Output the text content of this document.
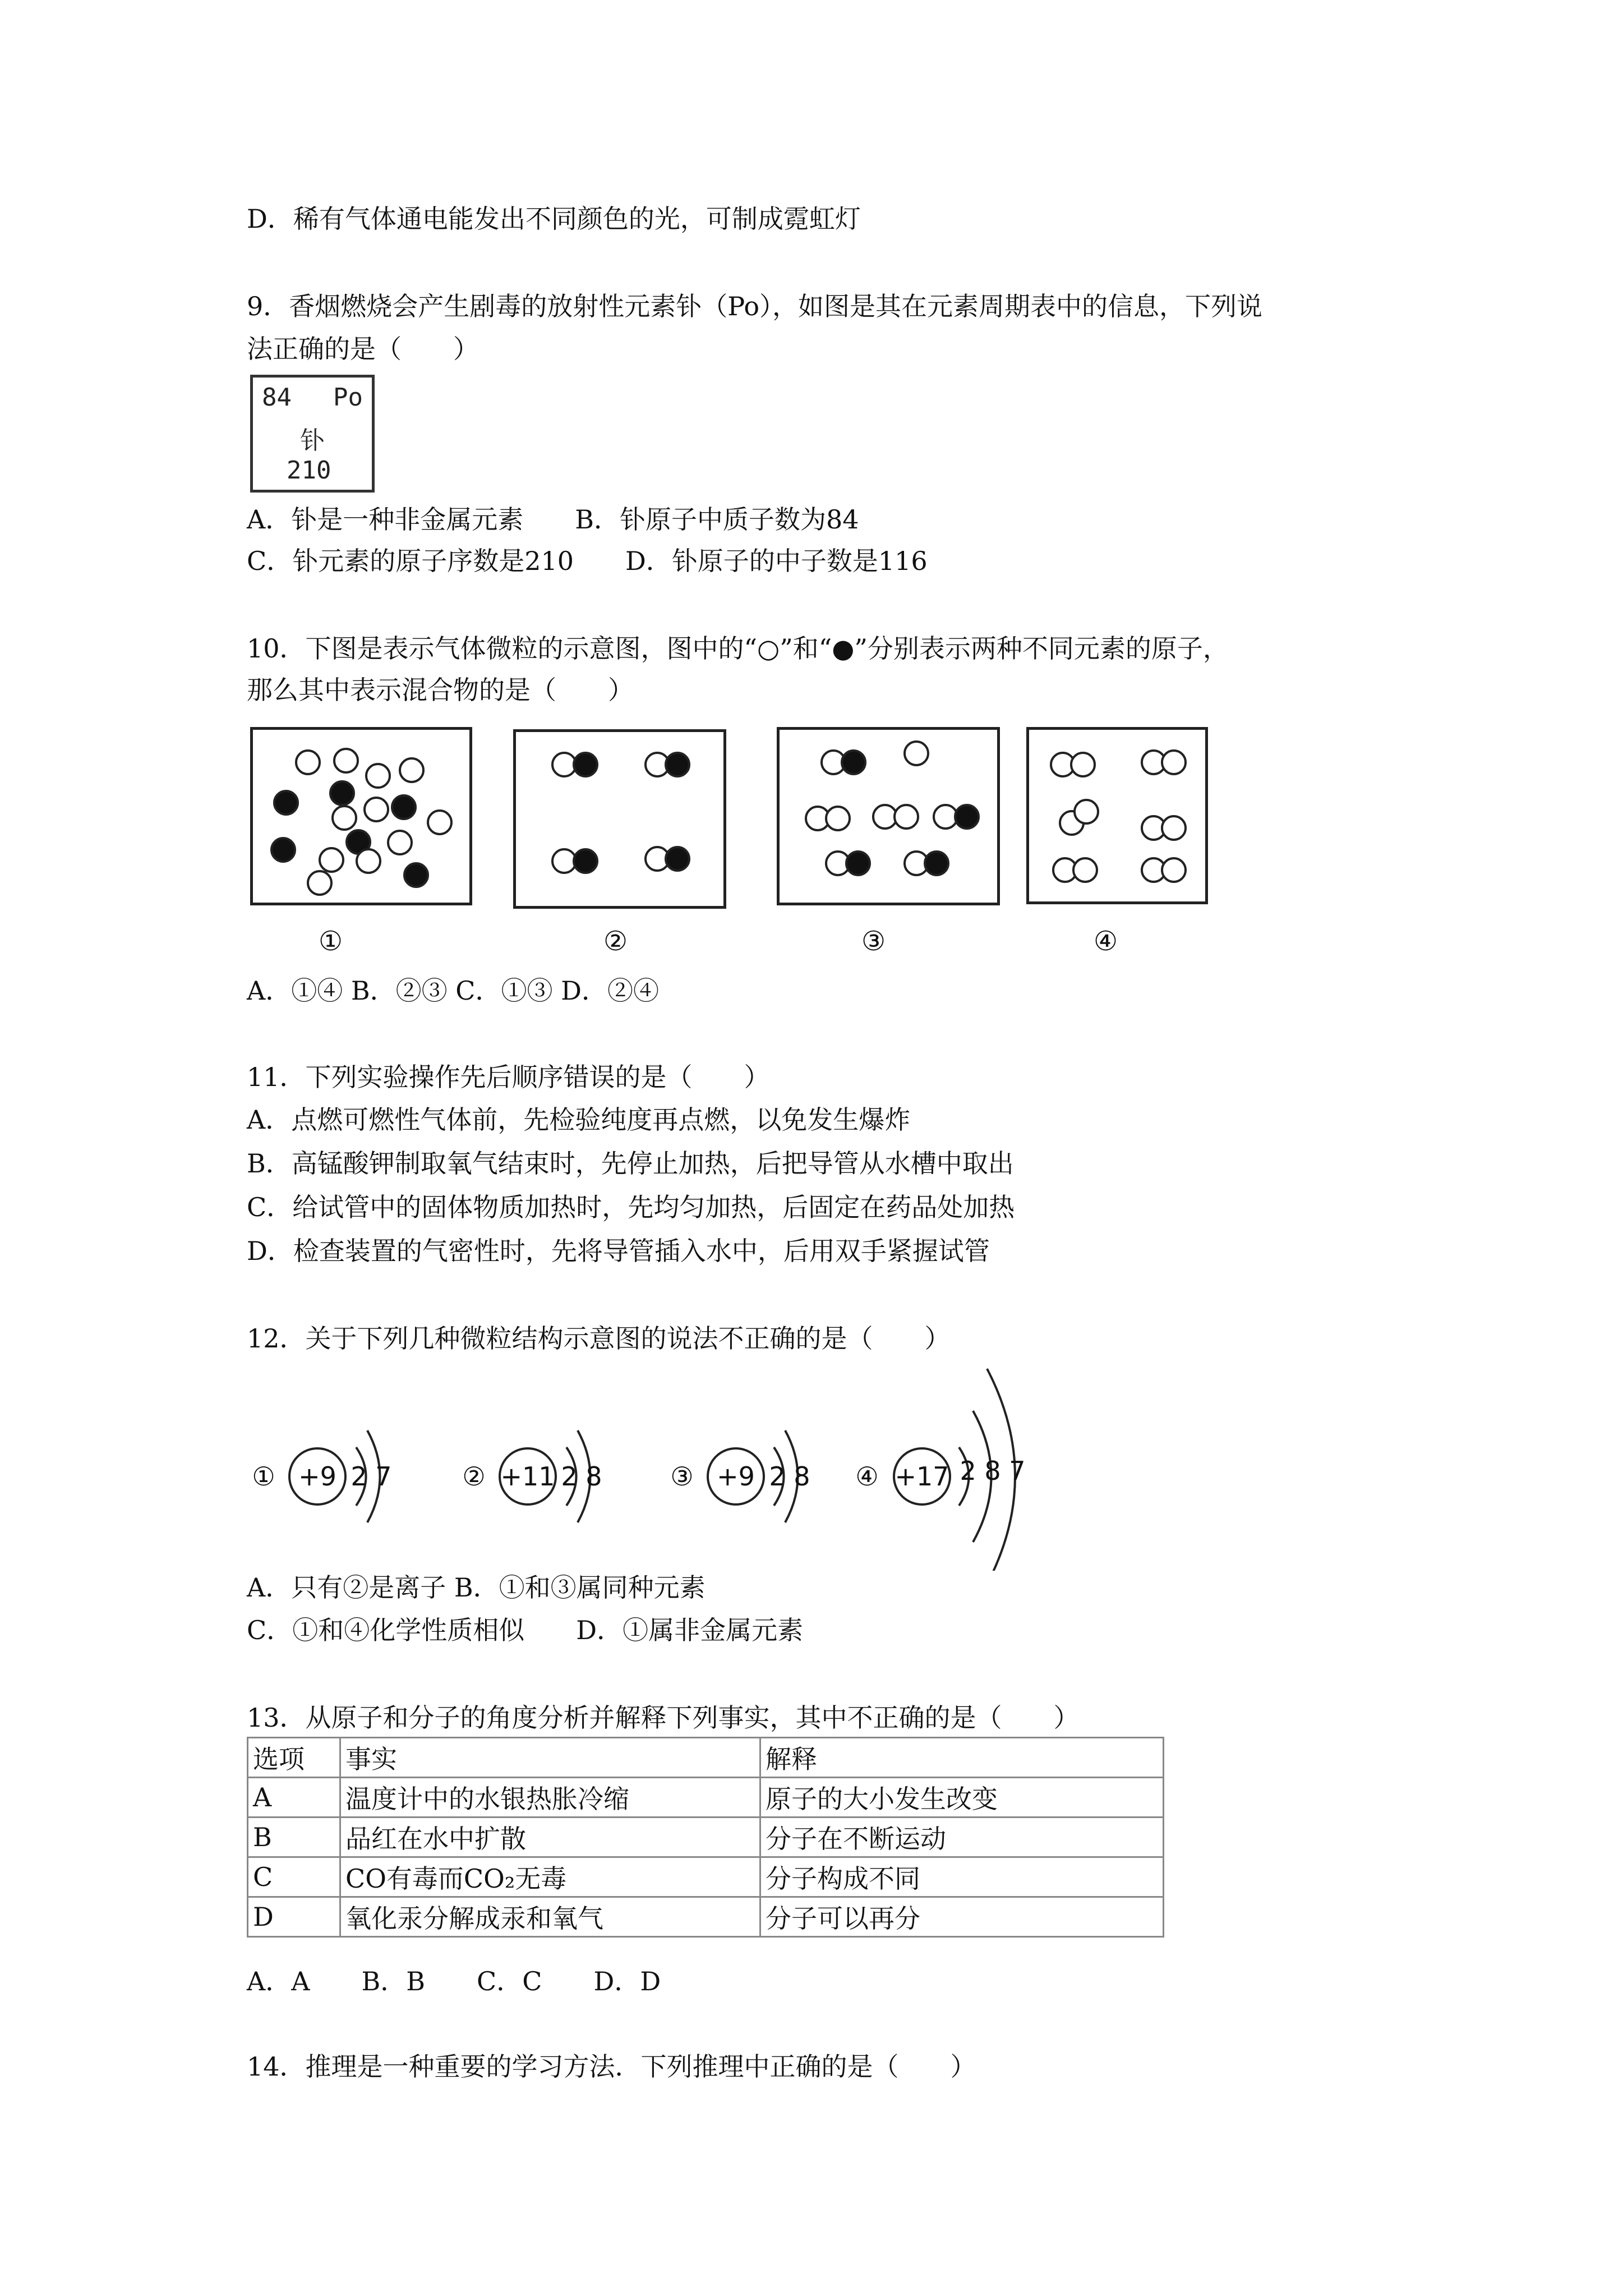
D．稀有气体通电能发出不同颜色的光，可制成霓虹灯
9．香烟燃烧会产生剧毒的放射性元素钋（Po），如图是其在元素周期表中的信息，下列说
法正确的是（　　）
84 Po
钋
210
A．钋是一种非金属元素　　B．钋原子中质子数为84
C．钋元素的原子序数是210　　D．钋原子的中子数是116
10．下图是表示气体微粒的示意图，图中的“○”和“●”分别表示两种不同元素的原子，
那么其中表示混合物的是（　　）
①	②	③	④
A．①④ B．②③ C．①③ D．②④
11．下列实验操作先后顺序错误的是（　　）
A．点燃可燃性气体前，先检验纯度再点燃，以免发生爆炸
B．高锰酸钾制取氧气结束时，先停止加热，后把导管从水槽中取出
C．给试管中的固体物质加热时，先均匀加热，后固定在药品处加热
D．检查装置的气密性时，先将导管插入水中，后用双手紧握试管
12．关于下列几种微粒结构示意图的说法不正确的是（　　）
① +9 2 7	② +11 2 8	③ +9 2 8 ④ +17 2 8 7
A．只有②是离子 B．①和③属同种元素
C．①和④化学性质相似　　D．①属非金属元素
13．从原子和分子的角度分析并解释下列事实，其中不正确的是（　　）
选项	事实	解释
A	温度计中的水银热胀冷缩	原子的大小发生改变
B	品红在水中扩散	分子在不断运动
C	CO有毒而CO₂无毒	分子构成不同
D	氧化汞分解成汞和氧气	分子可以再分
A．A　　B．B　　C．C　　D．D
14．推理是一种重要的学习方法．下列推理中正确的是（　　）
